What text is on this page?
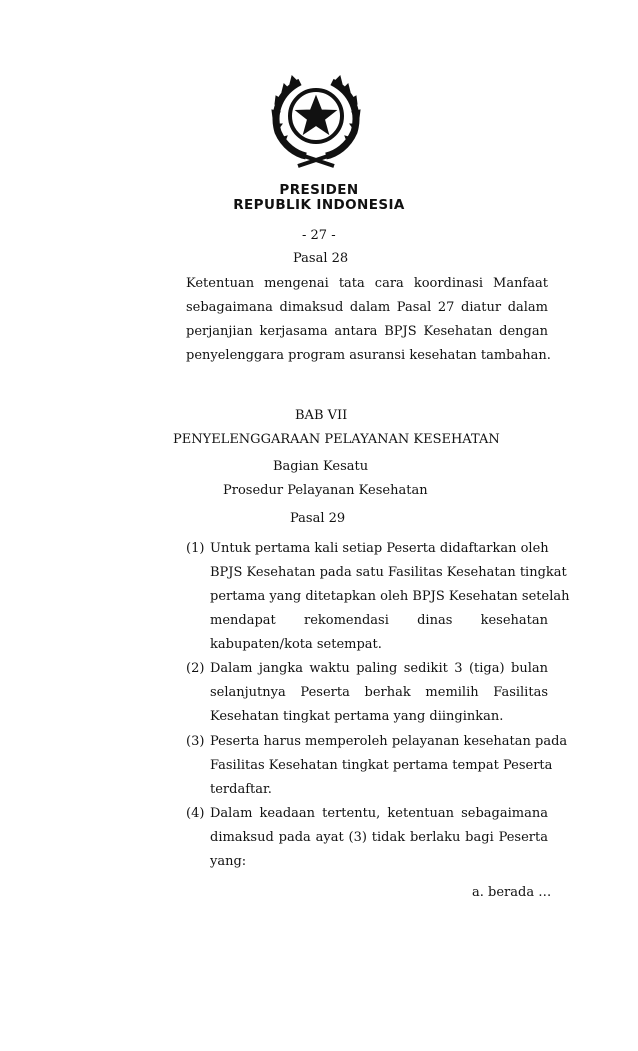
PRESIDEN
REPUBLIK INDONESIA
- 27 -
Pasal 28
Ketentuan mengenai tata cara koordinasi Manfaat
sebagaimana dimaksud dalam Pasal 27 diatur dalam
perjanjian kerjasama antara BPJS Kesehatan dengan
penyelenggara program asuransi kesehatan tambahan.
BAB VII
PENYELENGGARAAN PELAYANAN KESEHATAN
Bagian Kesatu
Prosedur Pelayanan Kesehatan
Pasal 29
(1) Untuk pertama kali setiap Peserta didaftarkan oleh
BPJS Kesehatan pada satu Fasilitas Kesehatan tingkat
pertama yang ditetapkan oleh BPJS Kesehatan setelah
mendapat rekomendasi dinas kesehatan
kabupaten/kota setempat.
(2) Dalam jangka waktu paling sedikit 3 (tiga) bulan
selanjutnya Peserta berhak memilih Fasilitas
Kesehatan tingkat pertama yang diinginkan.
(3) Peserta harus memperoleh pelayanan kesehatan pada
Fasilitas Kesehatan tingkat pertama tempat Peserta
terdaftar.
(4) Dalam keadaan tertentu, ketentuan sebagaimana
dimaksud pada ayat (3) tidak berlaku bagi Peserta
yang:
a. berada …
